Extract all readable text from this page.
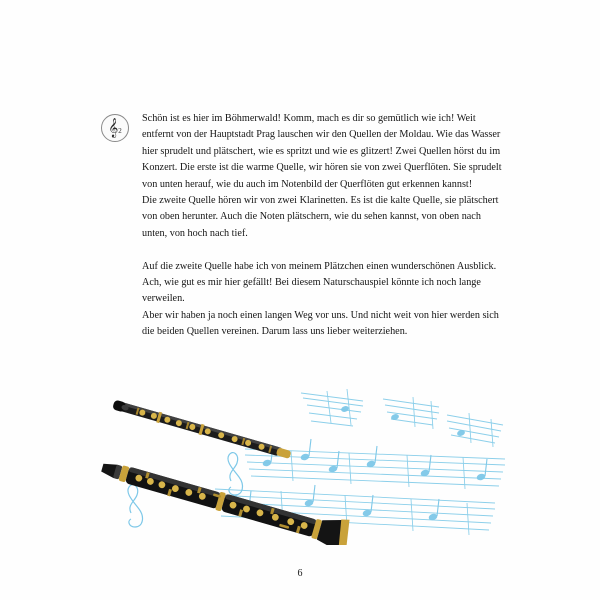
𝄞 2

Schön ist es hier im Böhmerwald! Komm, mach es dir so gemütlich wie ich! Weit entfernt von der Hauptstadt Prag lauschen wir den Quellen der Moldau. Wie das Wasser hier sprudelt und plätschert, wie es spritzt und wie es glitzert! Zwei Quellen hörst du im Konzert. Die erste ist die warme Quelle, wir hören sie von zwei Querflöten. Sie sprudelt von unten herauf, wie du auch im Notenbild der Querflöten gut erkennen kannst!

Die zweite Quelle hören wir von zwei Klarinetten. Es ist die kalte Quelle, sie plätschert von oben herunter. Auch die Noten plätschern, wie du sehen kannst, von oben nach unten, von hoch nach tief.

Auf die zweite Quelle habe ich von meinem Plätzchen einen wunderschönen Ausblick. Ach, wie gut es mir hier gefällt! Bei diesem Naturschauspiel könnte ich noch lange verweilen.

Aber wir haben ja noch einen langen Weg vor uns. Und nicht weit von hier werden sich die beiden Quellen vereinen. Darum lass uns lieber weiterziehen.

6
